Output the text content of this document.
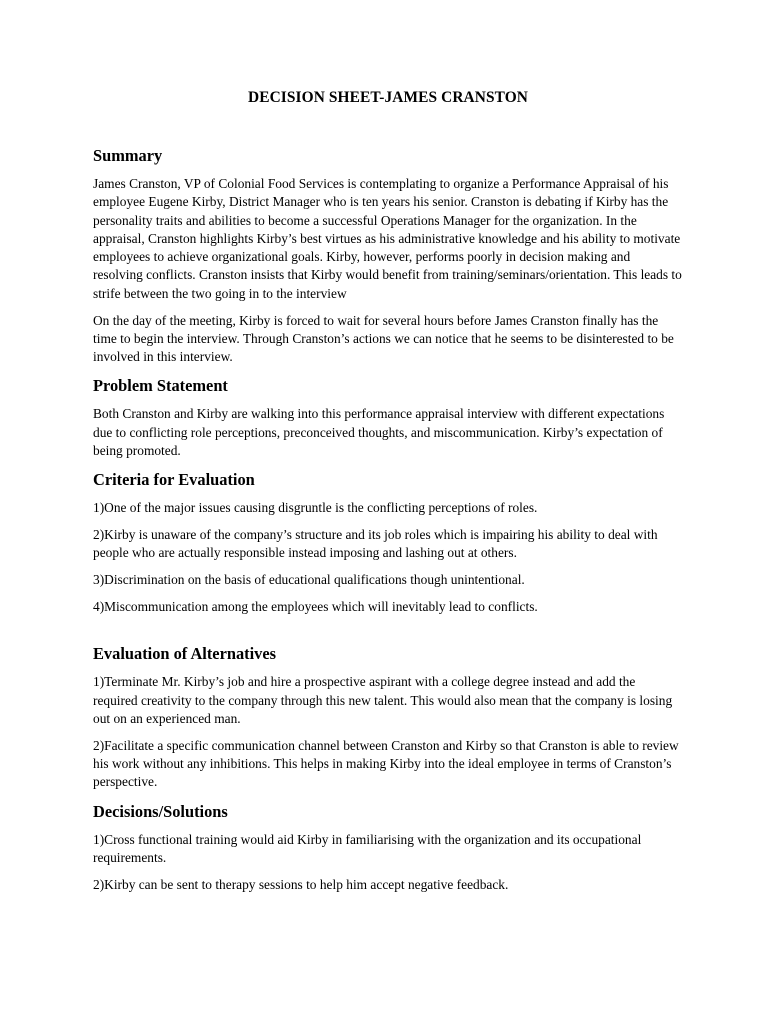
DECISION SHEET-JAMES CRANSTON
Summary

James Cranston, VP of Colonial Food Services is contemplating to organize a Performance Appraisal of his employee Eugene Kirby, District Manager who is ten years his senior. Cranston is debating if Kirby has the personality traits and abilities to become a successful Operations Manager for the organization. In the appraisal, Cranston highlights Kirby’s best virtues as his administrative knowledge and his ability to motivate employees to achieve organizational goals. Kirby, however, performs poorly in decision making and resolving conflicts. Cranston insists that Kirby would benefit from training/seminars/orientation. This leads to strife between the two going in to the interview

On the day of the meeting, Kirby is forced to wait for several hours before James Cranston finally has the time to begin the interview. Through Cranston’s actions we can notice that he seems to be disinterested to be involved in this interview.

Problem Statement

Both Cranston and Kirby are walking into this performance appraisal interview with different expectations due to conflicting role perceptions, preconceived thoughts, and miscommunication. Kirby’s expectation of being promoted.

Criteria for Evaluation

1)One of the major issues causing disgruntle is the conflicting perceptions of roles.

2)Kirby is unaware of the company’s structure and its job roles which is impairing his ability to deal with people who are actually responsible instead imposing and lashing out at others.

3)Discrimination on the basis of educational qualifications though unintentional.

4)Miscommunication among the employees which will inevitably lead to conflicts.

Evaluation of Alternatives

1)Terminate Mr. Kirby’s job and hire a prospective aspirant with a college degree instead and add the required creativity to the company through this new talent. This would also mean that the company is losing out on an experienced man.

2)Facilitate a specific communication channel between Cranston and Kirby so that Cranston is able to review his work without any inhibitions. This helps in making Kirby into the ideal employee in terms of Cranston’s perspective.

Decisions/Solutions

1)Cross functional training would aid Kirby in familiarising with the organization and its occupational requirements.

2)Kirby can be sent to therapy sessions to help him accept negative feedback.
